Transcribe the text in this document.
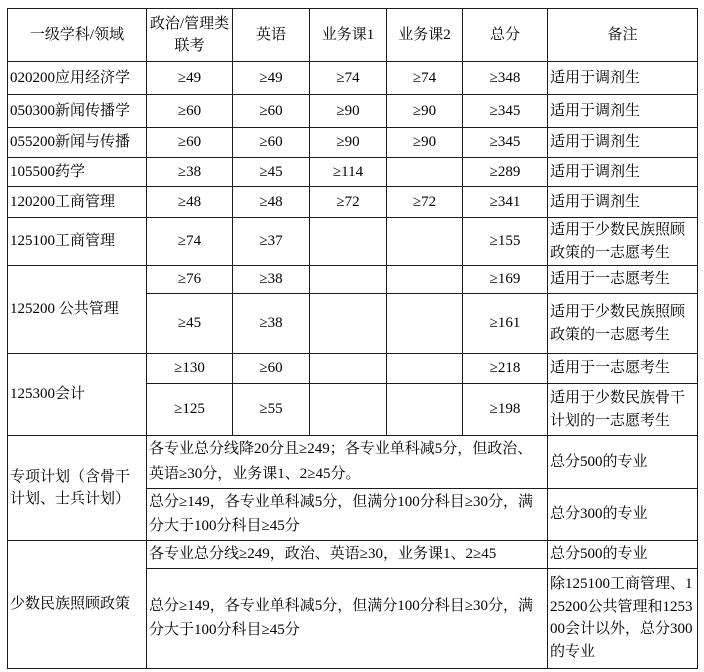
一级学科/领域	政治/管理类联考	英语	业务课1	业务课2	总分	备注
020200应用经济学	≥49	≥49	≥74	≥74	≥348	适用于调剂生
050300新闻传播学	≥60	≥60	≥90	≥90	≥345	适用于调剂生
055200新闻与传播	≥60	≥60	≥90	≥90	≥345	适用于调剂生
105500药学	≥38	≥45	≥114		≥289	适用于调剂生
120200工商管理	≥48	≥48	≥72	≥72	≥341	适用于调剂生
125100工商管理	≥74	≥37			≥155	适用于少数民族照顾政策的一志愿考生
125200 公共管理	≥76	≥38			≥169	适用于一志愿考生
	≥45	≥38			≥161	适用于少数民族照顾政策的一志愿考生
125300会计	≥130	≥60			≥218	适用于一志愿考生
	≥125	≥55			≥198	适用于少数民族骨干计划的一志愿考生
专项计划（含骨干计划、士兵计划）	各专业总分线降20分且≥249；各专业单科减5分，但政治、英语≥30分，业务课1、2≥45分。					总分500的专业
	总分≥149，各专业单科减5分，但满分100分科目≥30分，满分大于100分科目≥45分					总分300的专业
少数民族照顾政策	各专业总分线≥249，政治、英语≥30，业务课1、2≥45					总分500的专业
	总分≥149，各专业单科减5分，但满分100分科目≥30分，满分大于100分科目≥45分					除125100工商管理、125200公共管理和125300会计以外，总分300的专业
